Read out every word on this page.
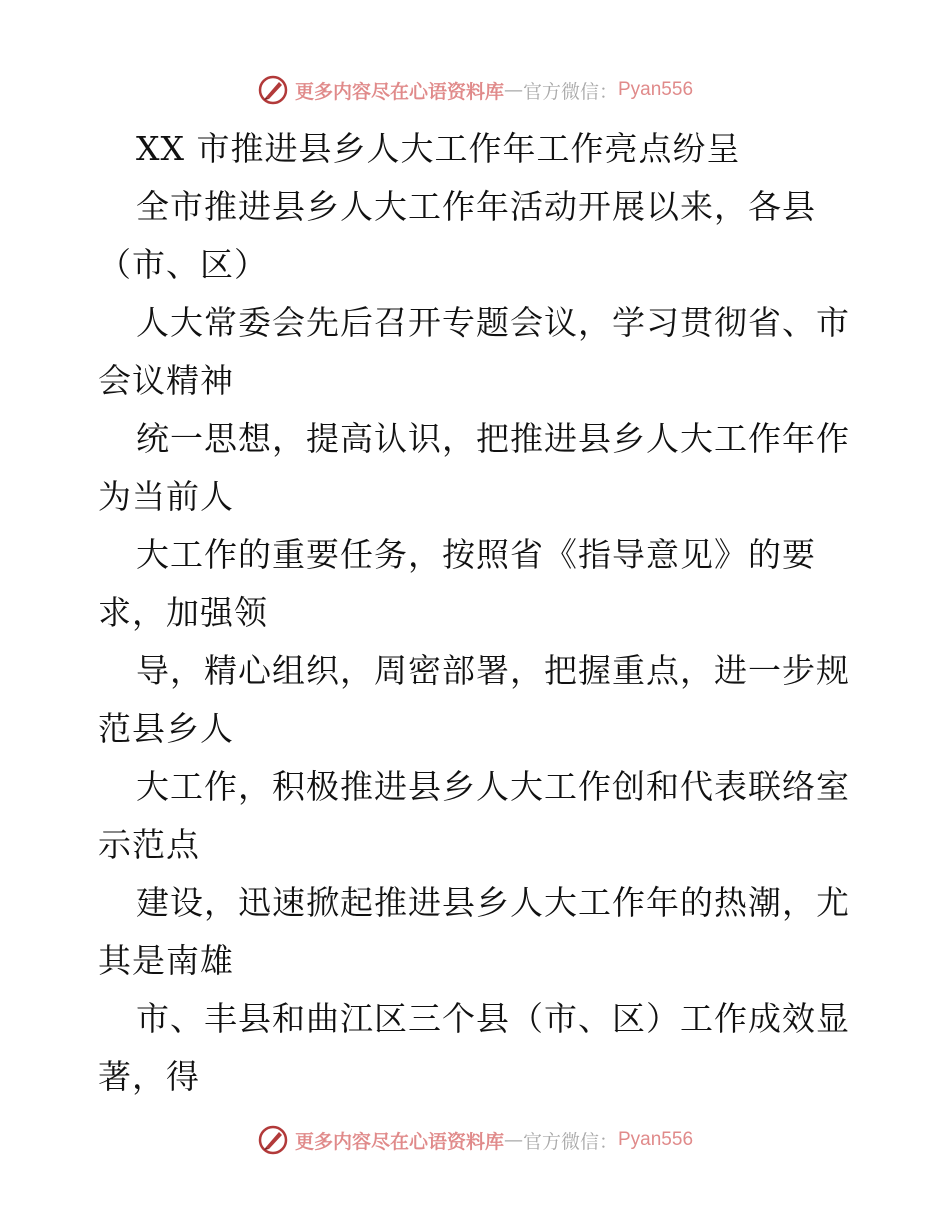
更多内容尽在心语资料库 — 官方微信： Pyan556
XX 市推进县乡人大工作年工作亮点纷呈
全市推进县乡人大工作年活动开展以来，各县
（市、区）
人大常委会先后召开专题会议，学习贯彻省、市
会议精神
统一思想，提高认识，把推进县乡人大工作年作
为当前人
大工作的重要任务，按照省《指导意见》的要
求，加强领
导，精心组织，周密部署，把握重点，进一步规
范县乡人
大工作，积极推进县乡人大工作创和代表联络室
示范点
建设，迅速掀起推进县乡人大工作年的热潮，尤
其是南雄
市、丰县和曲江区三个县（市、区）工作成效显
著，得
更多内容尽在心语资料库 — 官方微信： Pyan556
